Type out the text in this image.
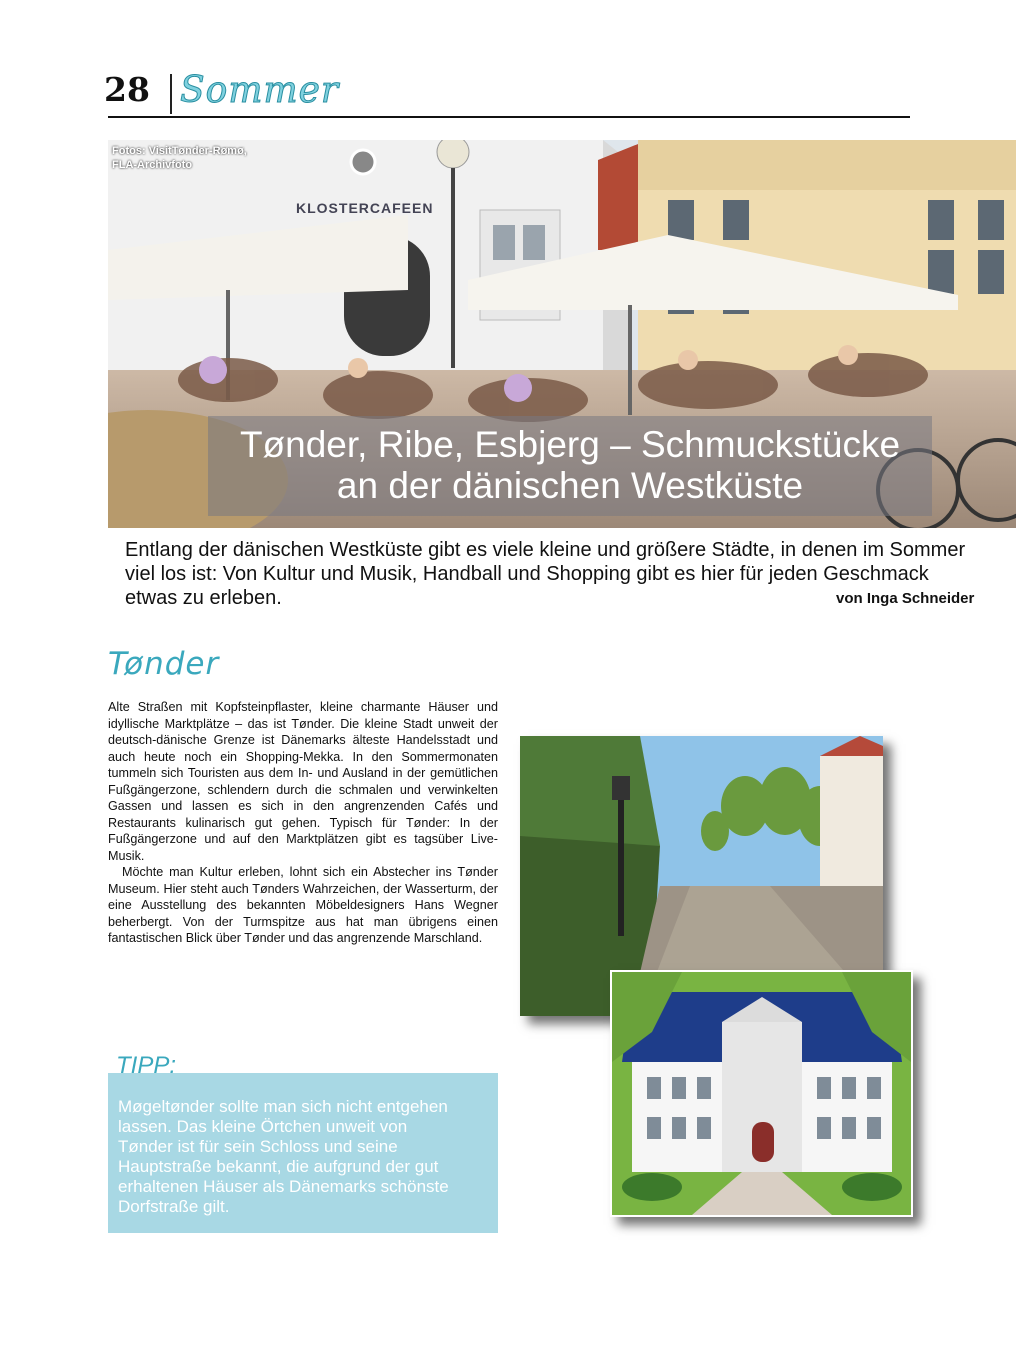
28 Sommer
KLOSTERCAFEEN
Fotos: VisitTønder-Rømø,
FLA-Archivfoto
Tønder, Ribe, Esbjerg – Schmuckstücke
an der dänischen Westküste
Entlang der dänischen Westküste gibt es viele kleine und größere Städte, in denen im Sommer viel los ist: Von Kultur und Musik, Handball und Shopping gibt es hier für jeden Geschmack etwas zu erleben.	von Inga Schneider
Tønder
Alte Straßen mit Kopfsteinpflaster, kleine charmante Häuser und idyllische Marktplätze – das ist Tønder. Die kleine Stadt unweit der deutsch-dänische Grenze ist Dänemarks älteste Handelsstadt und auch heute noch ein Shopping-Mekka. In den Sommermonaten tummeln sich Touristen aus dem In- und Ausland in der gemütlichen Fußgängerzone, schlendern durch die schmalen und verwinkelten Gassen und lassen es sich in den angrenzenden Cafés und Restaurants kulinarisch gut gehen. Typisch für Tønder: In der Fußgängerzone und auf den Marktplätzen gibt es tagsüber Live-Musik.
Möchte man Kultur erleben, lohnt sich ein Abstecher ins Tønder Museum. Hier steht auch Tønders Wahrzeichen, der Wasserturm, der eine Ausstellung des bekannten Möbeldesigners Hans Wegner beherbergt. Von der Turmspitze aus hat man übrigens einen fantastischen Blick über Tønder und das angrenzende Marschland.
Møgeltønder sollte man sich nicht entgehen lassen. Das kleine Örtchen unweit von Tønder ist für sein Schloss und seine Hauptstraße bekannt, die aufgrund der gut erhaltenen Häuser als Dänemarks schönste Dorfstraße gilt.
TIPP:
